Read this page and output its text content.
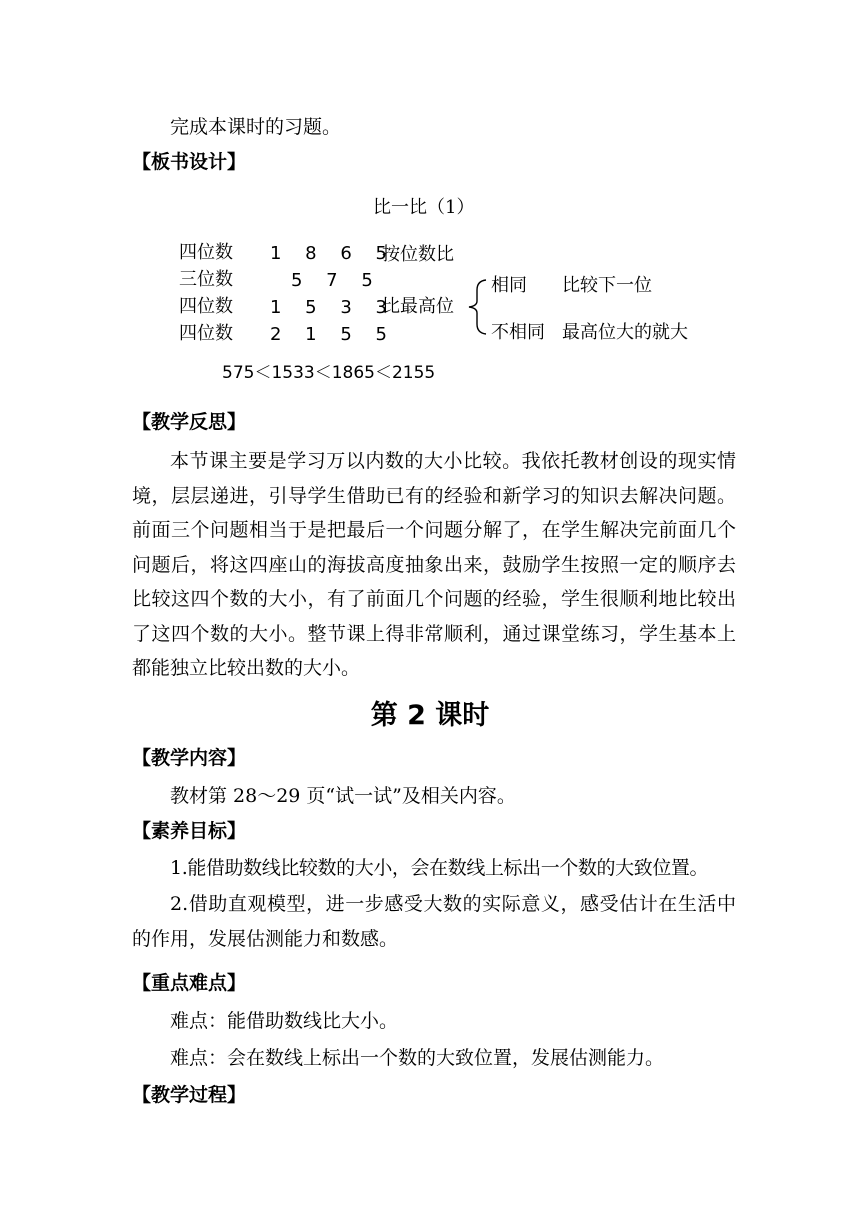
完成本课时的习题。
【板书设计】
比一比（1）
四位数 1 8 6 5
三位数	5 7 5
四位数 1 5 3 3
四位数 2 1 5 5
按位数比
比最高位
相同 比较下一位
不相同 最高位大的就大
575＜1533＜1865＜2155
【教学反思】
本节课主要是学习万以内数的大小比较。我依托教材创设的现实情境，层层递进，引导学生借助已有的经验和新学习的知识去解决问题。前面三个问题相当于是把最后一个问题分解了，在学生解决完前面几个问题后，将这四座山的海拔高度抽象出来，鼓励学生按照一定的顺序去比较这四个数的大小，有了前面几个问题的经验，学生很顺利地比较出了这四个数的大小。整节课上得非常顺利，通过课堂练习，学生基本上都能独立比较出数的大小。
第 2 课时
【教学内容】
教材第 28～29 页“试一试”及相关内容。
【素养目标】
1.能借助数线比较数的大小，会在数线上标出一个数的大致位置。
2.借助直观模型，进一步感受大数的实际意义，感受估计在生活中的作用，发展估测能力和数感。
【重点难点】
难点：能借助数线比大小。
难点：会在数线上标出一个数的大致位置，发展估测能力。
【教学过程】
